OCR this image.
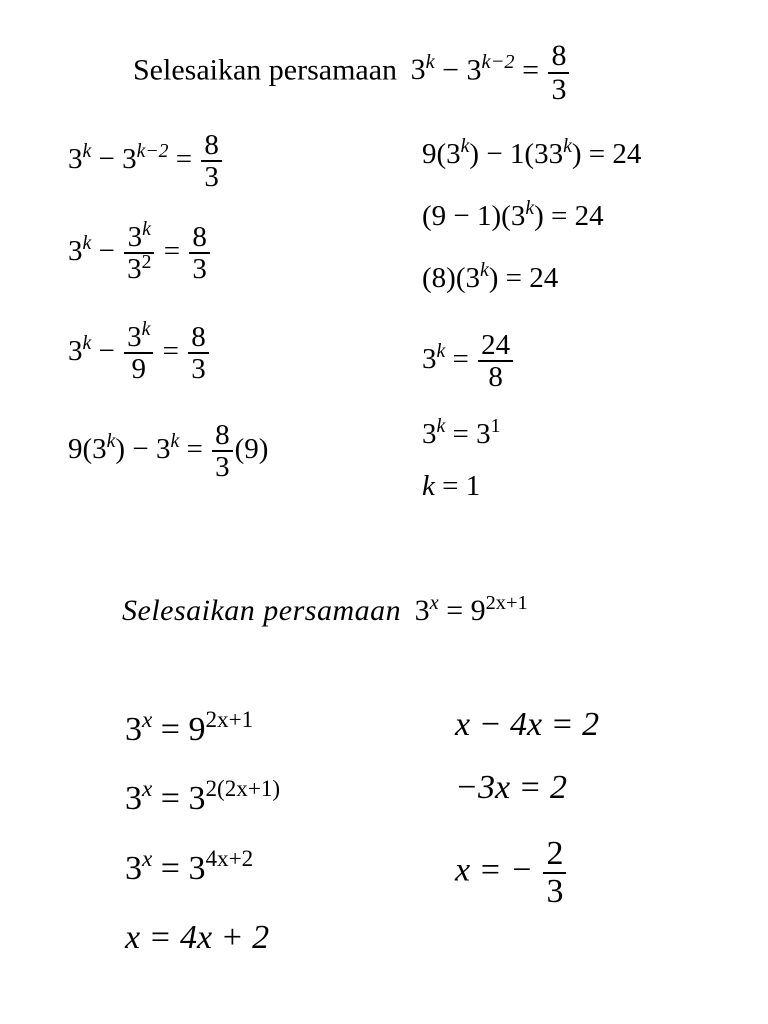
Selesaikan persamaan $3^k - 3^{k-2} = \frac{8}{3}$
$3^k - 3^{k-2} = \frac{8}{3}$
$3^k - \frac{3^k}{3^2} = \frac{8}{3}$
$3^k - \frac{3^k}{9} = \frac{8}{3}$
$9(3^k) - 3^k = \frac{8}{3} (9)$
$9(3^k) - 1(33^k) = 24$
$(9 - 1)(3^k) = 24$
$(8)(3^k) = 24$
$3^k = \frac{24}{8}$
$3^k = 3^1$
k = 1
Selesaikan persamaan $3^x = 9^{2x+1}$
$3^x = 9^{2x+1}$
$3^x = 3^{2(2x+1)}$
$3^x = 3^{4x+2}$
x = 4x + 2
x − 4x = 2
−3x = 2
x = − $\frac{2}{3}$
